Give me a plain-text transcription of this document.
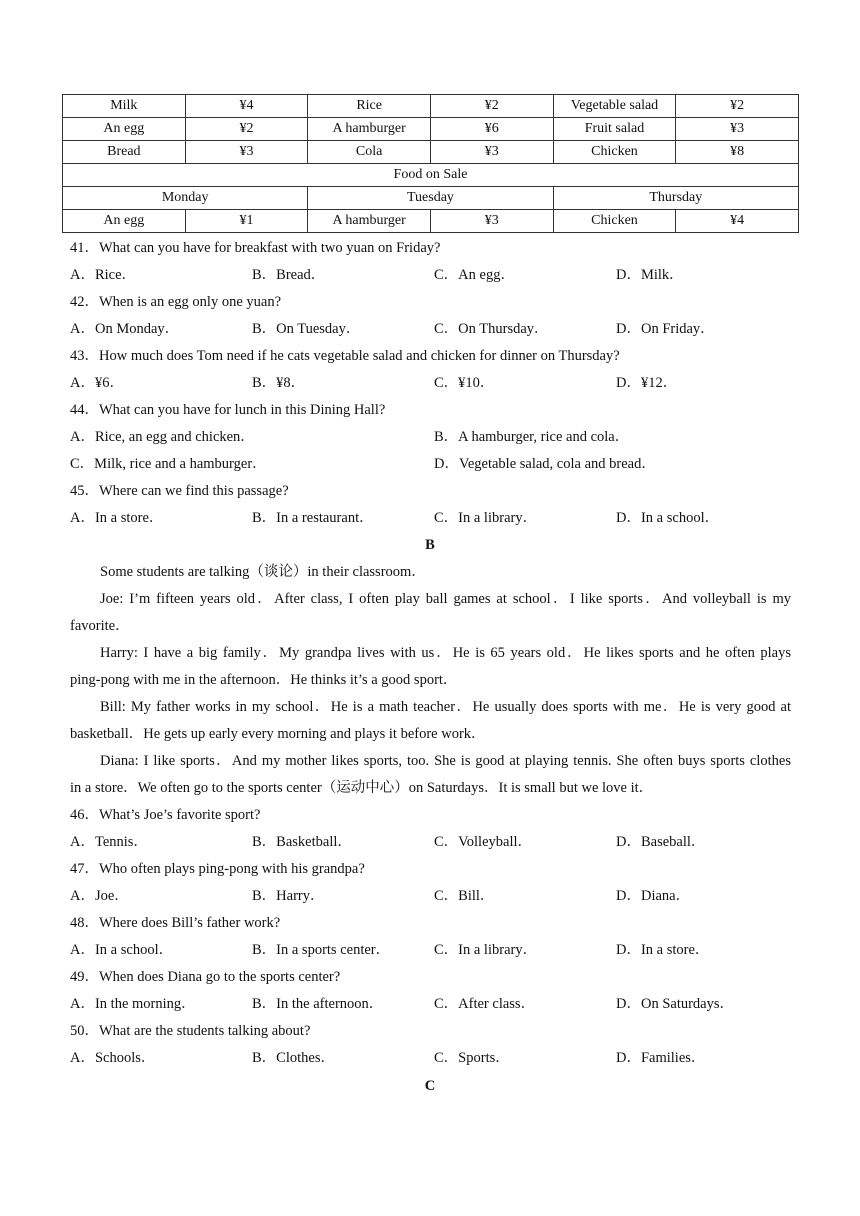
Milk	¥4	Rice	¥2	Vegetable salad	¥2
An egg	¥2	A hamburger	¥6	Fruit salad	¥3
Bread	¥3	Cola	¥3	Chicken	¥8
Food on Sale					
Monday		Tuesday		Thursday	
An egg	¥1	A hamburger	¥3	Chicken	¥4
41．What can you have for breakfast with two yuan on Friday?
A．Rice．	B．Bread．	C．An egg．	D．Milk．
42．When is an egg only one yuan?
A．On Monday．	B．On Tuesday．	C．On Thursday．	D．On Friday．
43．How much does Tom need if he cats vegetable salad and chicken for dinner on Thursday?
A．¥6．	B．¥8．	C．¥10．	D．¥12．
44．What can you have for lunch in this Dining Hall?
A．Rice, an egg and chicken．	B．A hamburger, rice and cola．
C．Milk, rice and a hamburger．	D．Vegetable salad, cola and bread．
45．Where can we find this passage?
A．In a store．	B．In a restaurant．	C．In a library．	D．In a school．
B
Some students are talking（谈论）in their classroom．
Joe: I’m fifteen years old．After class, I often play ball games at school．I like sports．And volleyball is my
favorite．
Harry: I have a big family．My grandpa lives with us．He is 65 years old．He likes sports and he often plays
ping-pong with me in the afternoon．He thinks it’s a good sport．
Bill: My father works in my school．He is a math teacher．He usually does sports with me．He is very good at
basketball．He gets up early every morning and plays it before work．
Diana: I like sports．And my mother likes sports, too. She is good at playing tennis. She often buys sports clothes
in a store．We often go to the sports center（运动中心）on Saturdays．It is small but we love it．
46．What’s Joe’s favorite sport?
A．Tennis．	B．Basketball．	C．Volleyball．	D．Baseball．
47．Who often plays ping-pong with his grandpa?
A．Joe．	B．Harry．	C．Bill．	D．Diana．
48．Where does Bill’s father work?
A．In a school．	B．In a sports center．	C．In a library．	D．In a store．
49．When does Diana go to the sports center?
A．In the morning．	B．In the afternoon．	C．After class．	D．On Saturdays．
50．What are the students talking about?
A．Schools．	B．Clothes．	C．Sports．	D．Families．
C
